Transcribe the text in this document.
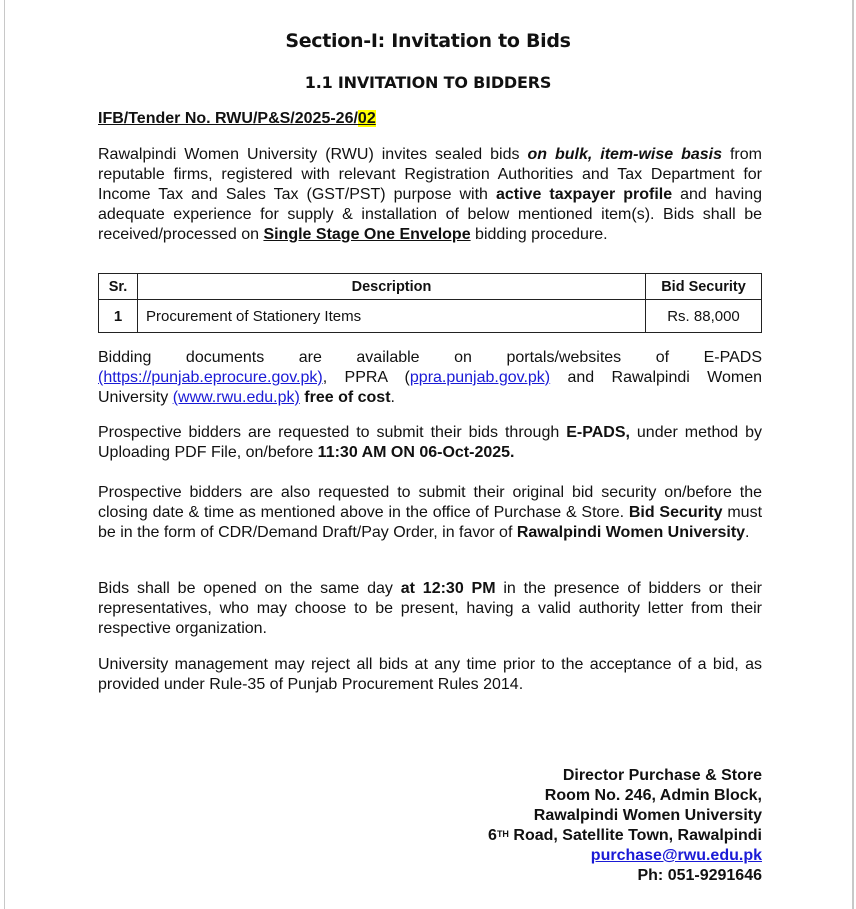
Section-I: Invitation to Bids
1.1 INVITATION TO BIDDERS
IFB/Tender No. RWU/P&S/2025-26/02
Rawalpindi Women University (RWU) invites sealed bids on bulk, item-wise basis from reputable firms, registered with relevant Registration Authorities and Tax Department for Income Tax and Sales Tax (GST/PST) purpose with active taxpayer profile and having adequate experience for supply & installation of below mentioned item(s). Bids shall be received/processed on Single Stage One Envelope bidding procedure.
Sr.	Description	Bid Security
1	Procurement of Stationery Items	Rs. 88,000
Bidding documents are available on portals/websites of E-PADS (https://punjab.eprocure.gov.pk), PPRA (ppra.punjab.gov.pk) and Rawalpindi Women University (www.rwu.edu.pk) free of cost.
Prospective bidders are requested to submit their bids through E-PADS, under method by Uploading PDF File, on/before 11:30 AM ON 06-Oct-2025.
Prospective bidders are also requested to submit their original bid security on/before the closing date & time as mentioned above in the office of Purchase & Store. Bid Security must be in the form of CDR/Demand Draft/Pay Order, in favor of Rawalpindi Women University.
Bids shall be opened on the same day at 12:30 PM in the presence of bidders or their representatives, who may choose to be present, having a valid authority letter from their respective organization.
University management may reject all bids at any time prior to the acceptance of a bid, as provided under Rule-35 of Punjab Procurement Rules 2014.
Director Purchase & Store
Room No. 246, Admin Block,
Rawalpindi Women University
6TH Road, Satellite Town, Rawalpindi
purchase@rwu.edu.pk
Ph: 051-9291646
